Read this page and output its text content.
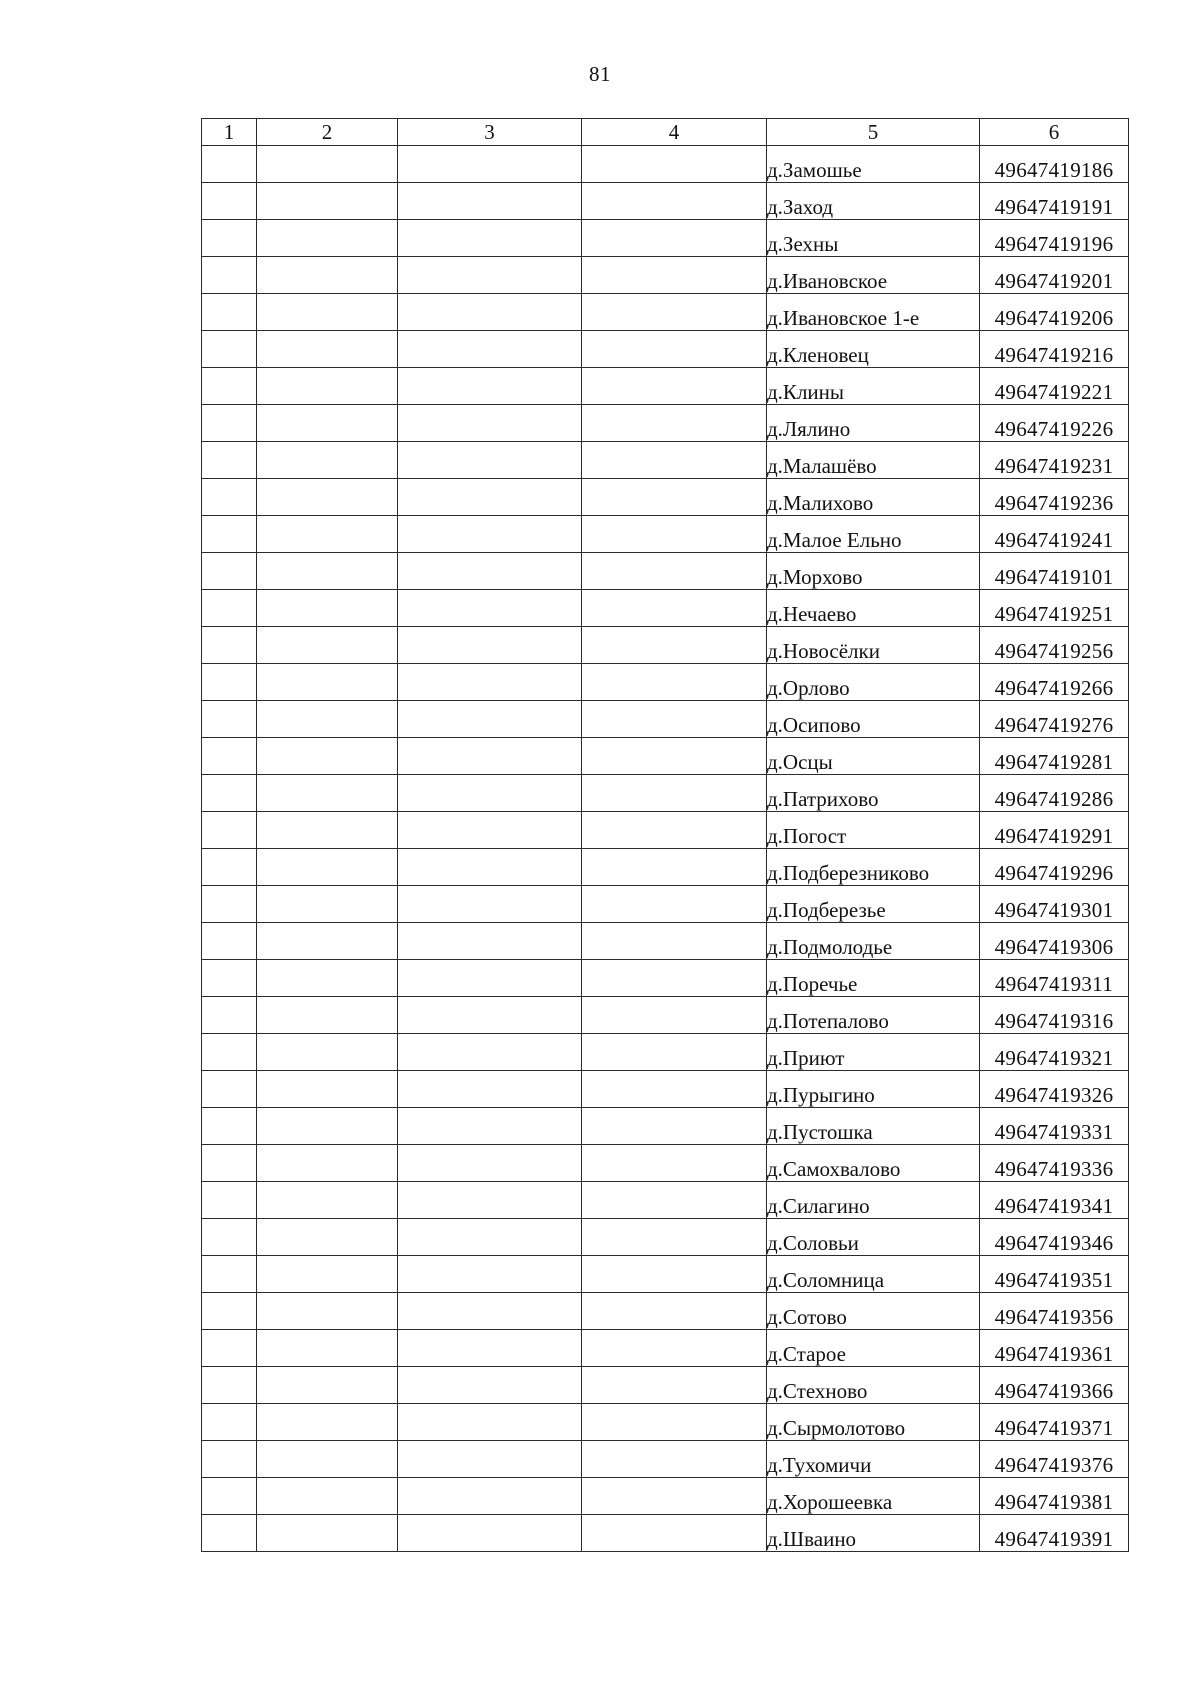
81
1	2	3	4	5	6
				д.Замошье	49647419186
				д.Заход	49647419191
				д.Зехны	49647419196
				д.Ивановское	49647419201
				д.Ивановское 1-е	49647419206
				д.Кленовец	49647419216
				д.Клины	49647419221
				д.Лялино	49647419226
				д.Малашёво	49647419231
				д.Малихово	49647419236
				д.Малое Ельно	49647419241
				д.Морхово	49647419101
				д.Нечаево	49647419251
				д.Новосёлки	49647419256
				д.Орлово	49647419266
				д.Осипово	49647419276
				д.Осцы	49647419281
				д.Патрихово	49647419286
				д.Погост	49647419291
				д.Подберезниково	49647419296
				д.Подберезье	49647419301
				д.Подмолодье	49647419306
				д.Поречье	49647419311
				д.Потепалово	49647419316
				д.Приют	49647419321
				д.Пурыгино	49647419326
				д.Пустошка	49647419331
				д.Самохвалово	49647419336
				д.Силагино	49647419341
				д.Соловьи	49647419346
				д.Соломница	49647419351
				д.Сотово	49647419356
				д.Старое	49647419361
				д.Стехново	49647419366
				д.Сырмолотово	49647419371
				д.Тухомичи	49647419376
				д.Хорошеевка	49647419381
				д.Шваино	49647419391
